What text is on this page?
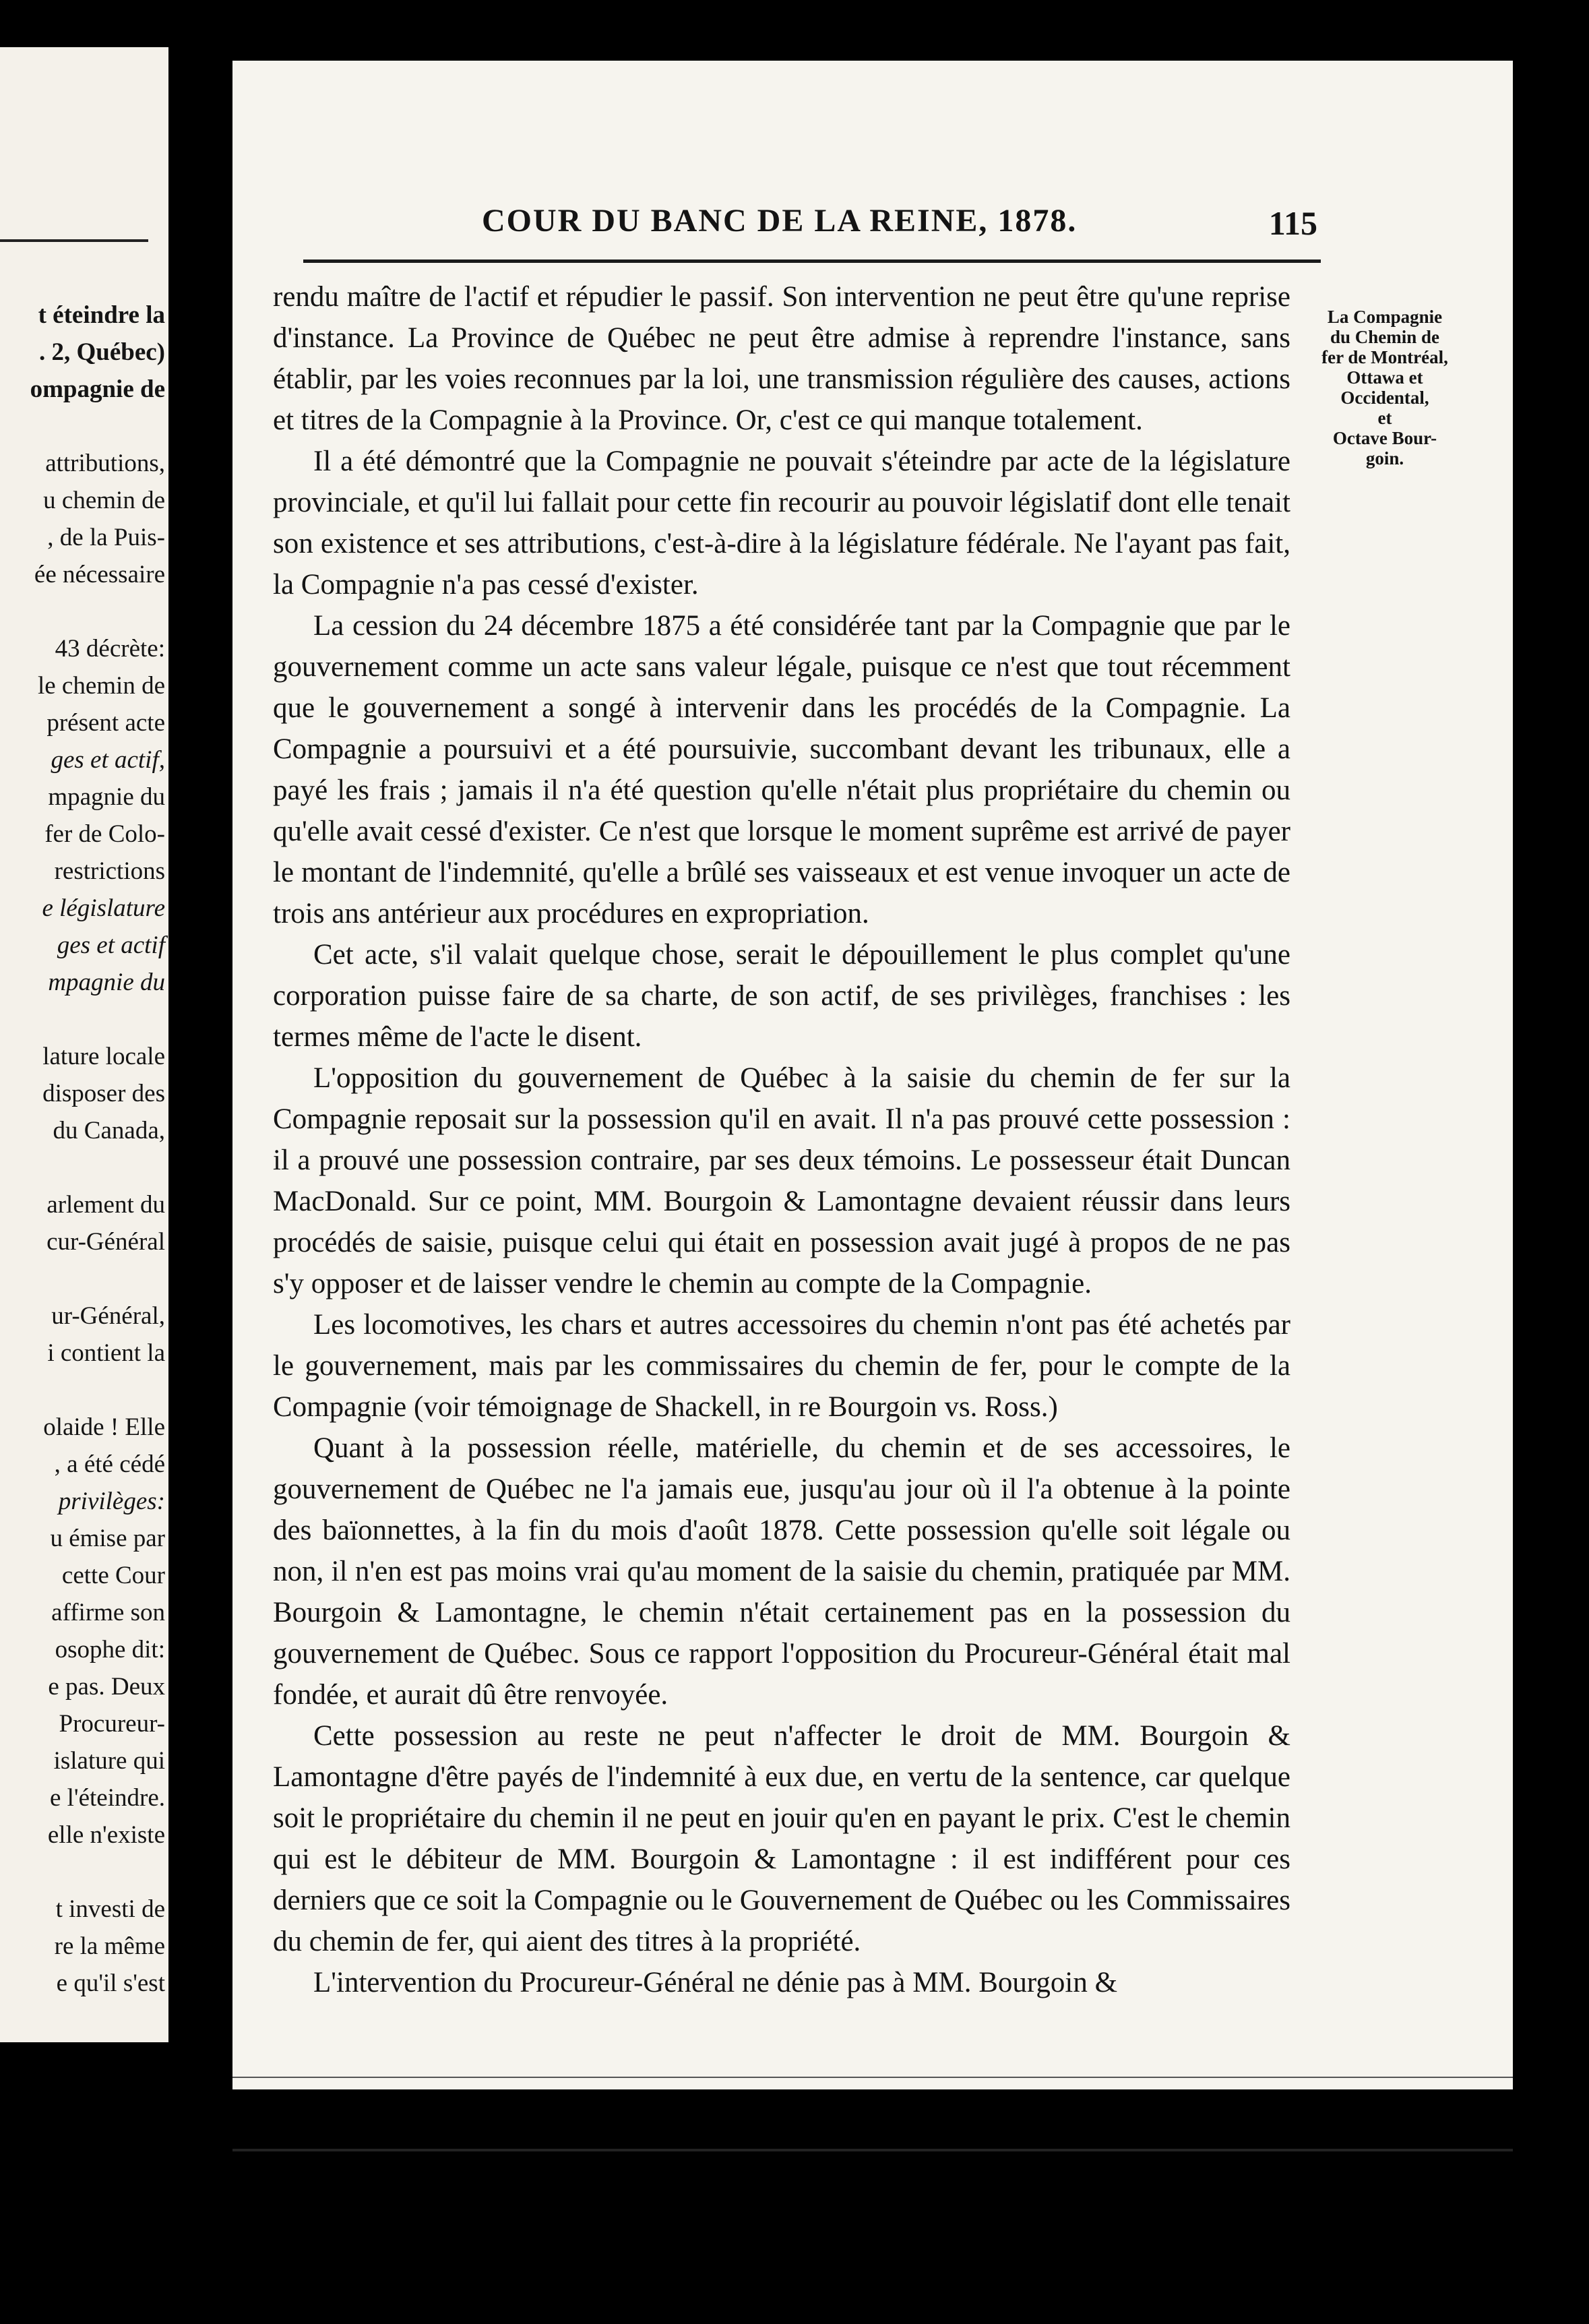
t éteindre la
. 2, Québec)
ompagnie de
attributions,
u chemin de
, de la Puis-
ée nécessaire
43 décrète:
le chemin de
présent acte
ges et actif,
mpagnie du
fer de Colo-
restrictions
e législature
ges et actif
mpagnie du
lature locale
disposer des
du Canada,
arlement du
cur-Général
ur-Général,
i contient la
olaide ! Elle
, a été cédé
privilèges:
u émise par
cette Cour
affirme son
osophe dit:
e pas. Deux
Procureur-
islature qui
e l'éteindre.
elle n'existe
t investi de
re la même
e qu'il s'est
COUR DU BANC DE LA REINE, 1878.	115
La Compagnie
du Chemin de
fer de Montréal,
Ottawa et
Occidental,
et
Octave Bour-
goin.

rendu maître de l'actif et répudier le passif. Son intervention ne peut être qu'une reprise d'instance. La Province de Québec ne peut être admise à reprendre l'instance, sans établir, par les voies reconnues par la loi, une transmission régulière des causes, actions et titres de la Compagnie à la Province. Or, c'est ce qui manque totalement.

Il a été démontré que la Compagnie ne pouvait s'éteindre par acte de la législature provinciale, et qu'il lui fallait pour cette fin recourir au pouvoir législatif dont elle tenait son existence et ses attributions, c'est-à-dire à la législature fédérale. Ne l'ayant pas fait, la Compagnie n'a pas cessé d'exister.

La cession du 24 décembre 1875 a été considérée tant par la Compagnie que par le gouvernement comme un acte sans valeur légale, puisque ce n'est que tout récemment que le gouvernement a songé à intervenir dans les procédés de la Compagnie. La Compagnie a poursuivi et a été poursuivie, succombant devant les tribunaux, elle a payé les frais ; jamais il n'a été question qu'elle n'était plus propriétaire du chemin ou qu'elle avait cessé d'exister. Ce n'est que lorsque le moment suprême est arrivé de payer le montant de l'indemnité, qu'elle a brûlé ses vaisseaux et est venue invoquer un acte de trois ans antérieur aux procédures en expropriation.

Cet acte, s'il valait quelque chose, serait le dépouillement le plus complet qu'une corporation puisse faire de sa charte, de son actif, de ses privilèges, franchises : les termes même de l'acte le disent.

L'opposition du gouvernement de Québec à la saisie du chemin de fer sur la Compagnie reposait sur la possession qu'il en avait. Il n'a pas prouvé cette possession : il a prouvé une possession contraire, par ses deux témoins. Le possesseur était Duncan MacDonald. Sur ce point, MM. Bourgoin & Lamontagne devaient réussir dans leurs procédés de saisie, puisque celui qui était en possession avait jugé à propos de ne pas s'y opposer et de laisser vendre le chemin au compte de la Compagnie.

Les locomotives, les chars et autres accessoires du chemin n'ont pas été achetés par le gouvernement, mais par les commissaires du chemin de fer, pour le compte de la Compagnie (voir témoignage de Shackell, in re Bourgoin vs. Ross.)

Quant à la possession réelle, matérielle, du chemin et de ses accessoires, le gouvernement de Québec ne l'a jamais eue, jusqu'au jour où il l'a obtenue à la pointe des baïonnettes, à la fin du mois d'août 1878. Cette possession qu'elle soit légale ou non, il n'en est pas moins vrai qu'au moment de la saisie du chemin, pratiquée par MM. Bourgoin & Lamontagne, le chemin n'était certainement pas en la possession du gouvernement de Québec. Sous ce rapport l'opposition du Procureur-Général était mal fondée, et aurait dû être renvoyée.

Cette possession au reste ne peut n'affecter le droit de MM. Bourgoin & Lamontagne d'être payés de l'indemnité à eux due, en vertu de la sentence, car quelque soit le propriétaire du chemin il ne peut en jouir qu'en en payant le prix. C'est le chemin qui est le débiteur de MM. Bourgoin & Lamontagne : il est indifférent pour ces derniers que ce soit la Compagnie ou le Gouvernement de Québec ou les Commissaires du chemin de fer, qui aient des titres à la propriété.

L'intervention du Procureur-Général ne dénie pas à MM. Bourgoin &
